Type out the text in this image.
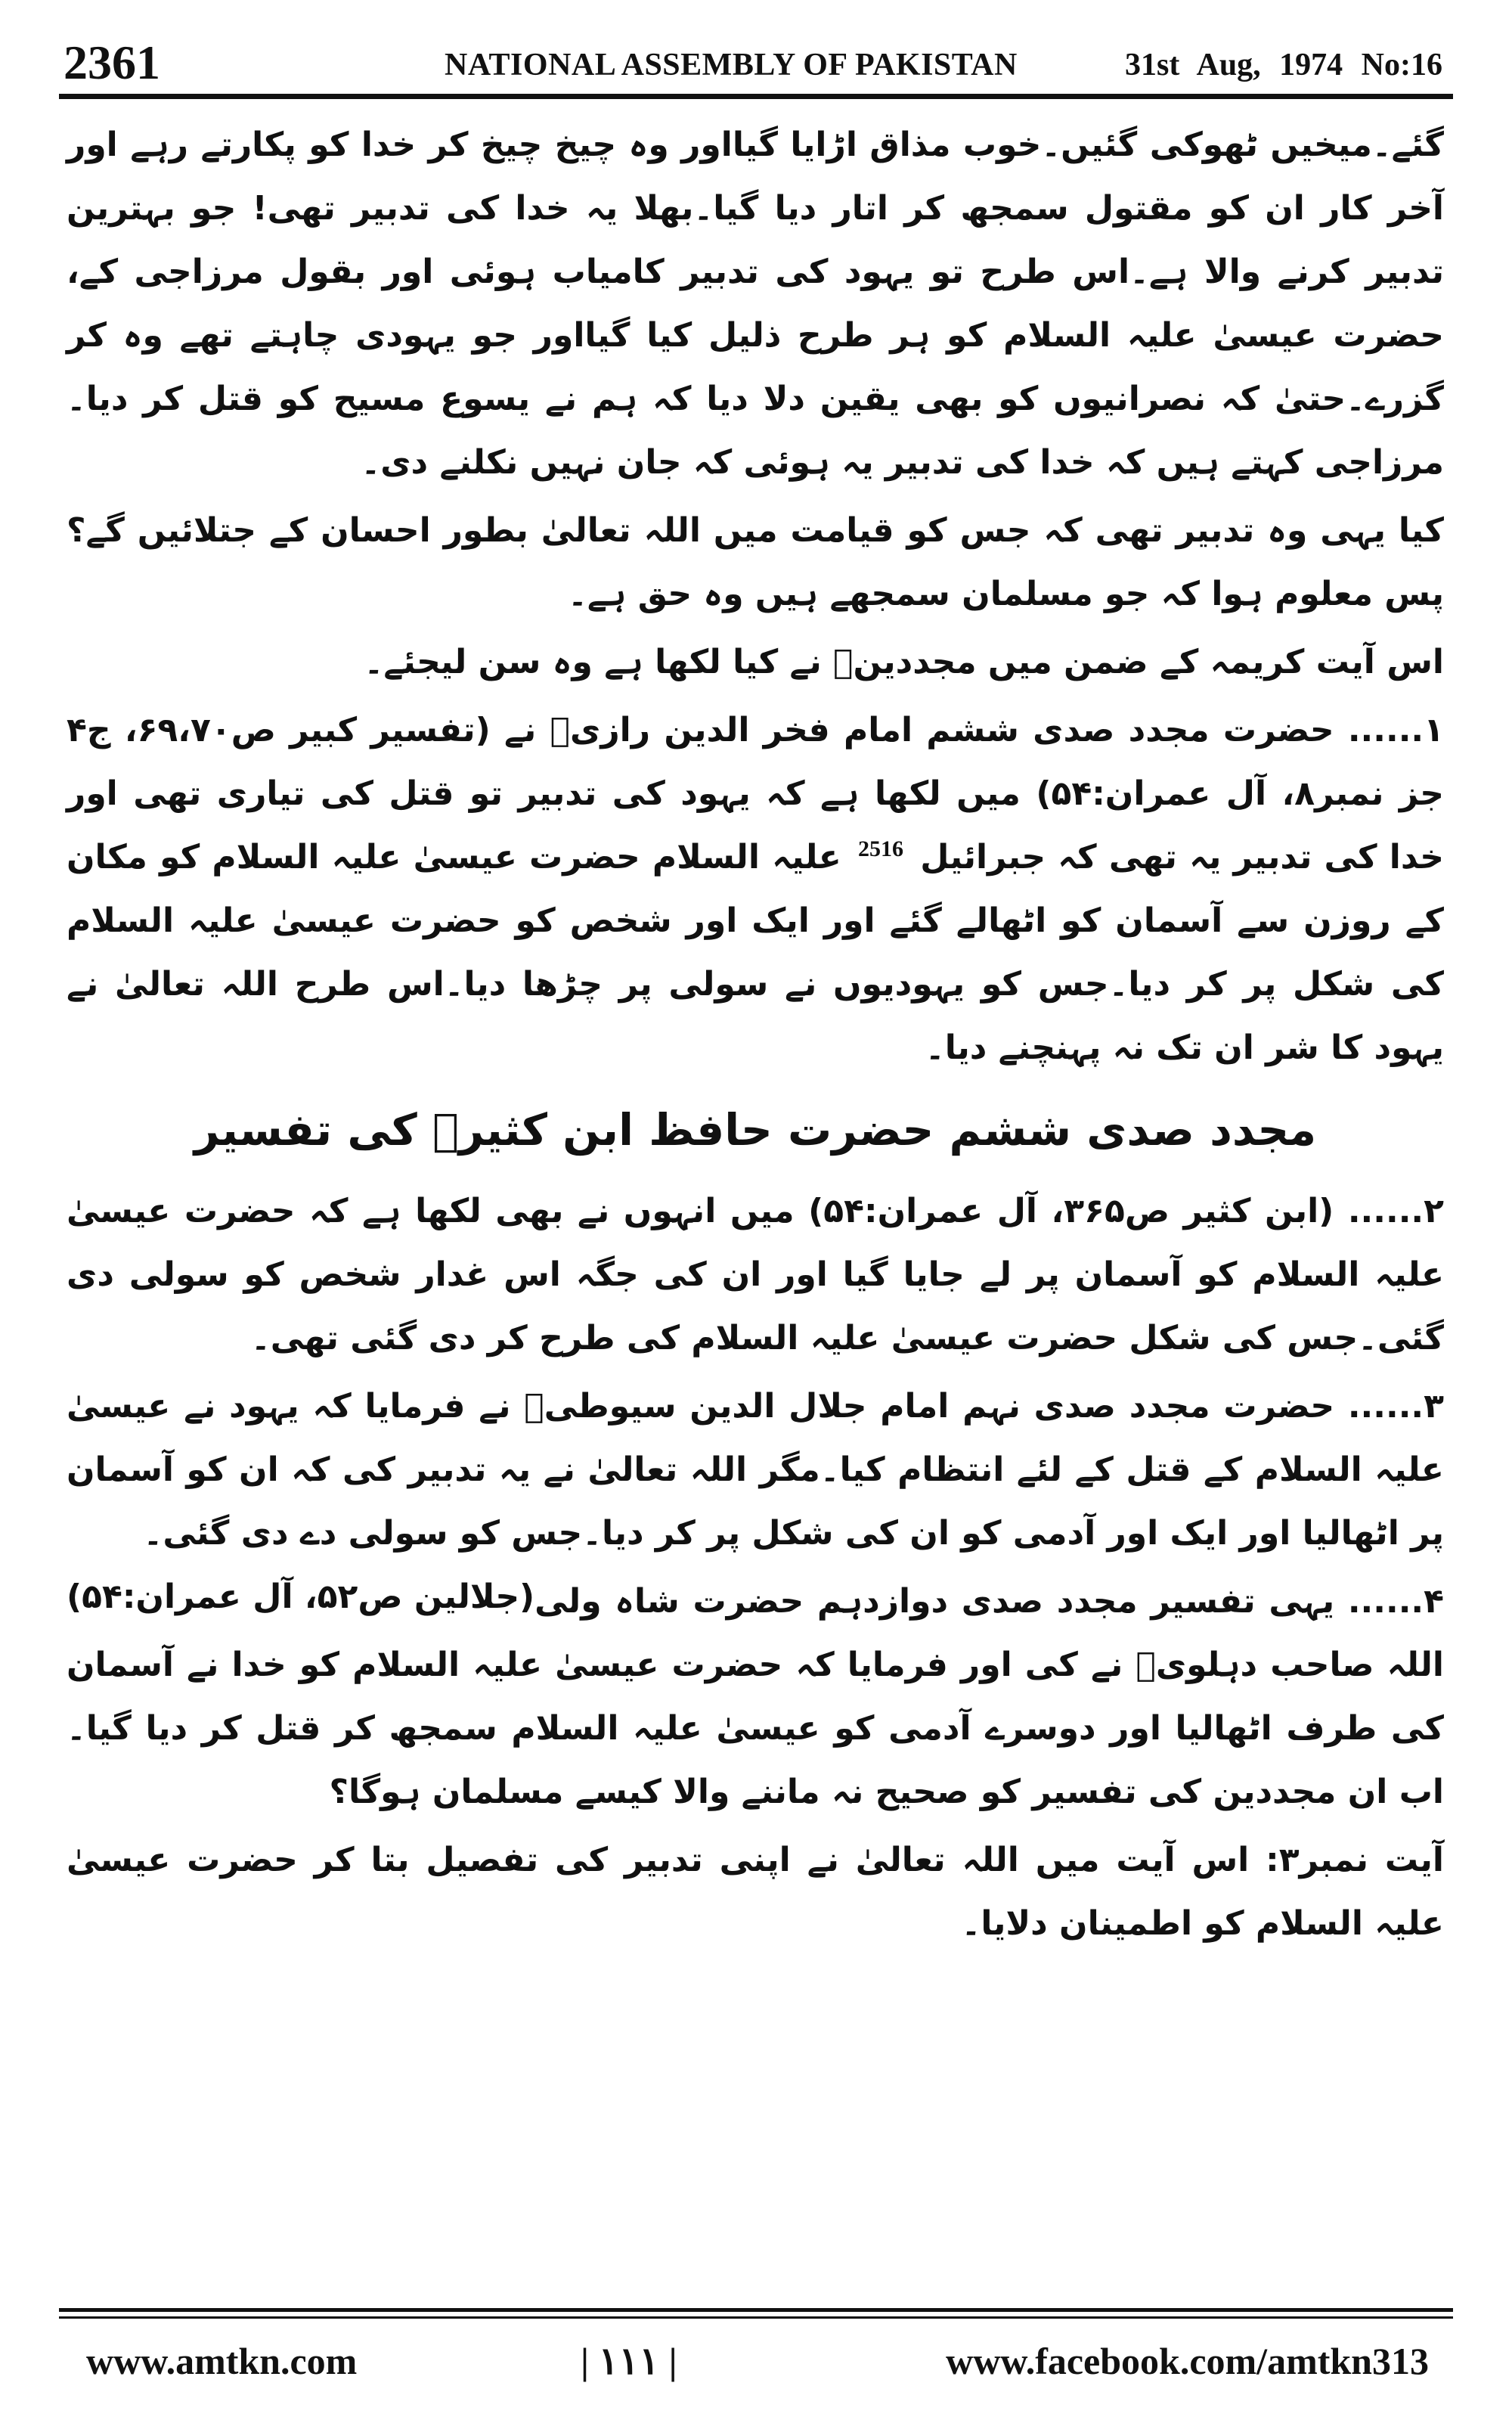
2361	NATIONAL ASSEMBLY OF PAKISTAN	31st Aug, 1974 No:16

گئے۔میخیں ٹھوکی گئیں۔خوب مذاق اڑایا گیااور وہ چیخ چیخ کر خدا کو پکارتے رہے اور آخر کار ان کو مقتول سمجھ کر اتار دیا گیا۔بھلا یہ خدا کی تدبیر تھی! جو بہترین تدبیر کرنے والا ہے۔اس طرح تو یہود کی تدبیر کامیاب ہوئی اور بقول مرزاجی کے، حضرت عیسیٰ علیہ السلام کو ہر طرح ذلیل کیا گیااور جو یہودی چاہتے تھے وہ کر گزرے۔حتیٰ کہ نصرانیوں کو بھی یقین دلا دیا کہ ہم نے یسوع مسیح کو قتل کر دیا۔مرزاجی کہتے ہیں کہ خدا کی تدبیر یہ ہوئی کہ جان نہیں نکلنے دی۔

کیا یہی وہ تدبیر تھی کہ جس کو قیامت میں اللہ تعالیٰ بطور احسان کے جتلائیں گے؟پس معلوم ہوا کہ جو مسلمان سمجھے ہیں وہ حق ہے۔

اس آیت کریمہ کے ضمن میں مجددینؒ نے کیا لکھا ہے وہ سن لیجئے۔

۱...... حضرت مجدد صدی ششم امام فخر الدین رازیؒ نے (تفسیر کبیر ص۶۹،۷۰، ج۴ جز نمبر۸، آل عمران:۵۴) میں لکھا ہے کہ یہود کی تدبیر تو قتل کی تیاری تھی اور خدا کی تدبیر یہ تھی کہ جبرائیل $^{2516}$ علیہ السلام حضرت عیسیٰ علیہ السلام کو مکان کے روزن سے آسمان کو اٹھالے گئے اور ایک اور شخص کو حضرت عیسیٰ علیہ السلام کی شکل پر کر دیا۔جس کو یہودیوں نے سولی پر چڑھا دیا۔اس طرح اللہ تعالیٰ نے یہود کا شر ان تک نہ پہنچنے دیا۔

مجدد صدی ششم حضرت حافظ ابن کثیرؒ کی تفسیر

۲...... (ابن کثیر ص۳۶۵، آل عمران:۵۴) میں انہوں نے بھی لکھا ہے کہ حضرت عیسیٰ علیہ السلام کو آسمان پر لے جایا گیا اور ان کی جگہ اس غدار شخص کو سولی دی گئی۔جس کی شکل حضرت عیسیٰ علیہ السلام کی طرح کر دی گئی تھی۔

۳...... حضرت مجدد صدی نہم امام جلال الدین سیوطیؒ نے فرمایا کہ یہود نے عیسیٰ علیہ السلام کے قتل کے لئے انتظام کیا۔مگر اللہ تعالیٰ نے یہ تدبیر کی کہ ان کو آسمان پر اٹھالیا اور ایک اور آدمی کو ان کی شکل پر کر دیا۔جس کو سولی دے دی گئی۔
(جلالین ص۵۲، آل عمران:۵۴)	۴...... یہی تفسیر مجدد صدی دوازدہم حضرت شاہ ولی اللہ صاحب دہلویؒ نے کی اور فرمایا کہ حضرت عیسیٰ علیہ السلام کو خدا نے آسمان کی طرف اٹھالیا اور دوسرے آدمی کو عیسیٰ علیہ السلام سمجھ کر قتل کر دیا گیا۔اب ان مجددین کی تفسیر کو صحیح نہ ماننے والا کیسے مسلمان ہوگا؟

آیت نمبر۳: اس آیت میں اللہ تعالیٰ نے اپنی تدبیر کی تفصیل بتا کر حضرت عیسیٰ علیہ السلام کو اطمینان دلایا۔

www.amtkn.com	| ۱۱۱ |	www.facebook.com/amtkn313
